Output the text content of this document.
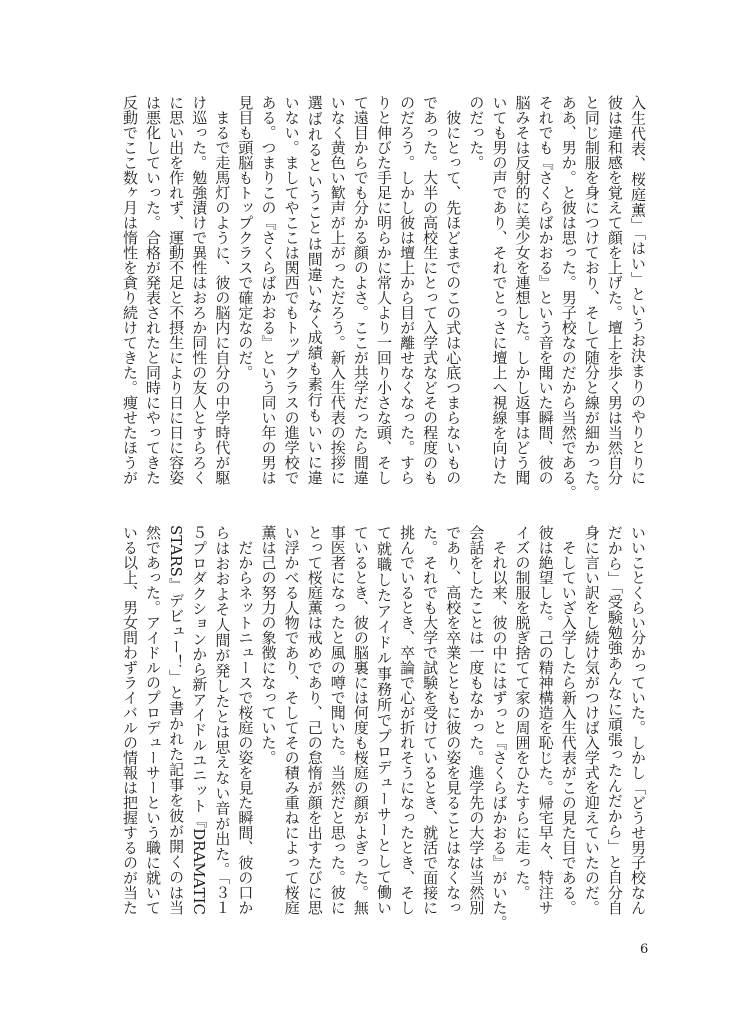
入生代表、桜庭薫」「はい」というお決まりのやりとりに
彼は違和感を覚えて顔を上げた。壇上を歩く男は当然自分
と同じ制服を身につけており、そして随分と線が細かった。
ああ、男か。と彼は思った。男子校なのだから当然である。
それでも『さくらばかおる』という音を聞いた瞬間、彼の
脳みそは反射的に美少女を連想した。しかし返事はどう聞
いても男の声であり、それでとっさに壇上へ視線を向けた
のだった。
　彼にとって、先ほどまでのこの式は心底つまらないもの
であった。大半の高校生にとって入学式などその程度のも
のだろう。しかし彼は壇上から目が離せなくなった。すら
りと伸びた手足に明らかに常人より一回り小さな頭、そし
て遠目からでも分かる顔のよさ。ここが共学だったら間違
いなく黄色い歓声が上がっただろう。新入生代表の挨拶に
選ばれるということは間違いなく成績も素行もいいに違
いない。ましてやここは関西でもトップクラスの進学校で
ある。つまりこの『さくらばかおる』という同い年の男は
見目も頭脳もトップクラスで確定なのだ。
　まるで走馬灯のように、彼の脳内に自分の中学時代が駆
け巡った。勉強漬けで異性はおろか同性の友人とすらろく
に思い出を作れず、運動不足と不摂生により日に日に容姿
は悪化していった。合格が発表されたと同時にやってきた
反動でここ数ヶ月は惰性を貪り続けてきた。痩せたほうが
いいことくらい分かっていた。しかし「どうせ男子校なん
だから」「受験勉強あんなに頑張ったんだから」と自分自
身に言い訳をし続け気がつけば入学式を迎えていたのだ。
　そしていざ入学したら新入生代表がこの見た目である。
彼は絶望した。己の精神構造を恥じた。帰宅早々、特注サ
イズの制服を脱ぎ捨てて家の周囲をひたすらに走った。
　それ以来、彼の中にはずっと『さくらばかおる』がいた。
会話をしたことは一度もなかった。進学先の大学は当然別
であり、高校を卒業とともに彼の姿を見ることはなくなっ
た。それでも大学で試験を受けているとき、就活で面接に
挑んでいるとき、卒論で心が折れそうになったとき、そし
て就職したアイドル事務所でプロデューサーとして働い
ているとき、彼の脳裏には何度も桜庭の顔がよぎった。無
事医者になったと風の噂で聞いた。当然だと思った。彼に
とって桜庭薫は戒めであり、己の怠惰が顔を出すたびに思
い浮かべる人物であり、そしてその積み重ねによって桜庭
薫は己の努力の象徴になっていた。
　だからネットニュースで桜庭の姿を見た瞬間、彼の口か
らはおおよそ人間が発したとは思えない音が出た。「３１
５プロダクションから新アイドルユニット『DRAMATIC
STARS』デビュー！」と書かれた記事を彼が開くのは当
然であった。アイドルのプロデューサーという職に就いて
いる以上、男女問わずライバルの情報は把握するのが当た
6
